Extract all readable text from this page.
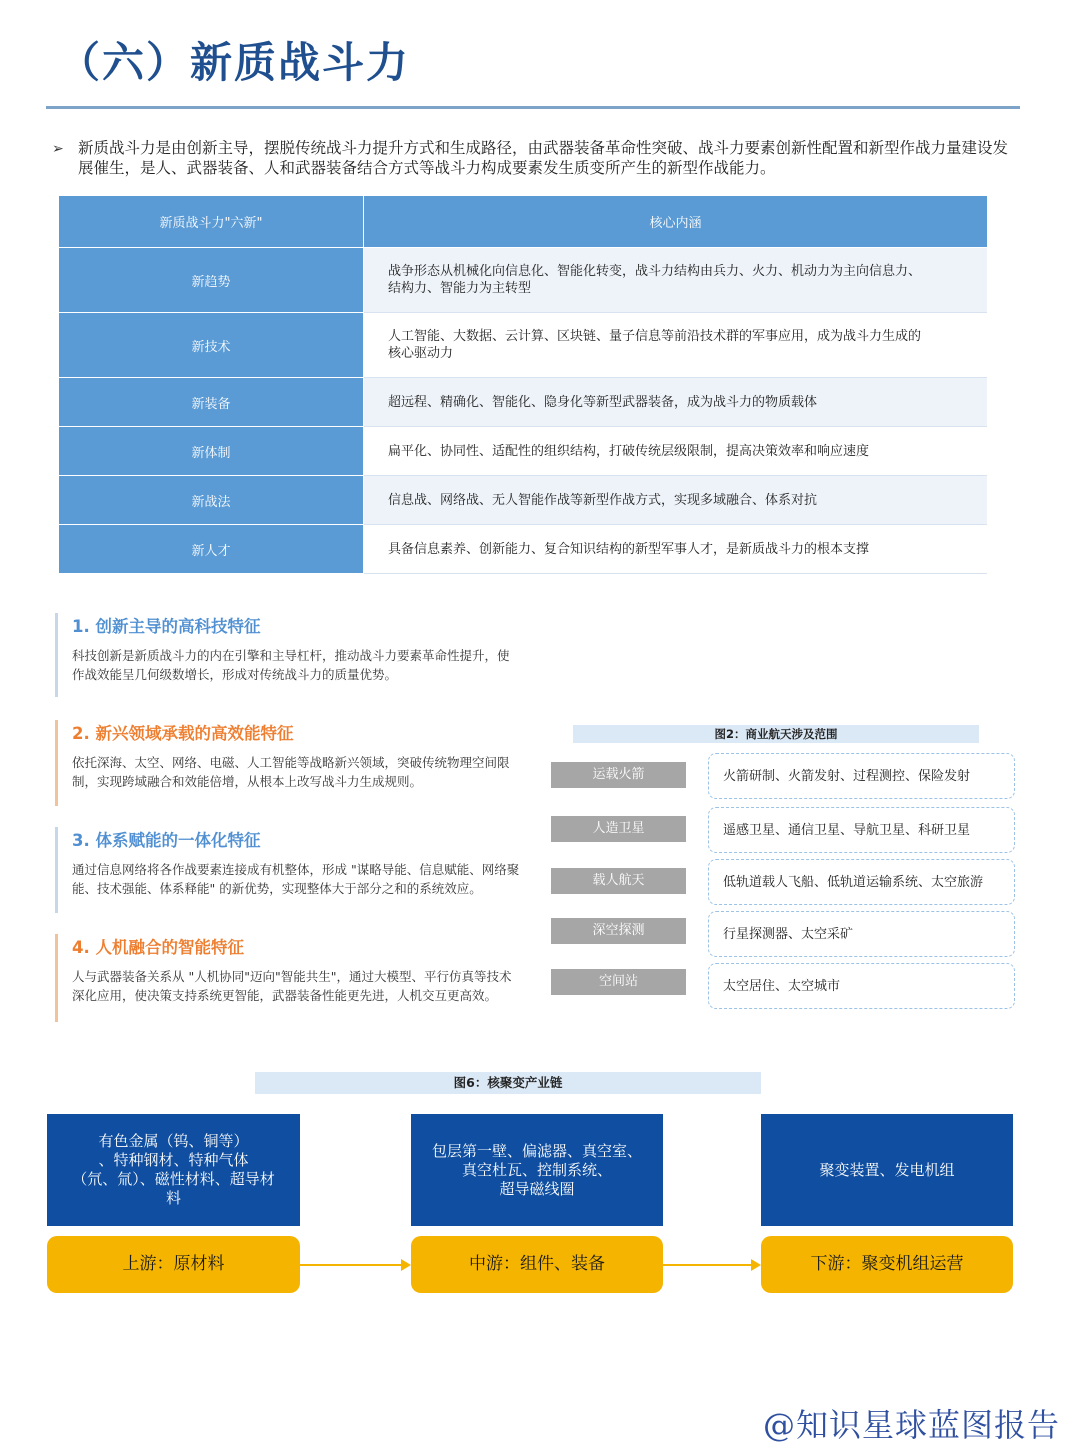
（六）新质战斗力
➢ 新质战斗力是由创新主导，摆脱传统战斗力提升方式和生成路径，由武器装备革命性突破、战斗力要素创新性配置和新型作战力量建设发展催生，是人、武器装备、人和武器装备结合方式等战斗力构成要素发生质变所产生的新型作战能力。
新质战斗力"六新"	核心内涵
新趋势	战争形态从机械化向信息化、智能化转变，战斗力结构由兵力、火力、机动力为主向信息力、
结构力、智能力为主转型

新技术	人工智能、大数据、云计算、区块链、量子信息等前沿技术群的军事应用，成为战斗力生成的
核心驱动力

新装备	超远程、精确化、智能化、隐身化等新型武器装备，成为战斗力的物质载体

新体制	扁平化、协同性、适配性的组织结构，打破传统层级限制，提高决策效率和响应速度

新战法	信息战、网络战、无人智能作战等新型作战方式，实现多域融合、体系对抗

新人才	具备信息素养、创新能力、复合知识结构的新型军事人才，是新质战斗力的根本支撑
1. 创新主导的高科技特征

科技创新是新质战斗力的内在引擎和主导杠杆，推动战斗力要素革命性提升，使作战效能呈几何级数增长，形成对传统战斗力的质量优势。

2. 新兴领域承载的高效能特征

依托深海、太空、网络、电磁、人工智能等战略新兴领域，突破传统物理空间限制，实现跨域融合和效能倍增，从根本上改写战斗力生成规则。

3. 体系赋能的一体化特征

通过信息网络将各作战要素连接成有机整体，形成 "谋略导能、信息赋能、网络聚能、技术强能、体系释能" 的新优势，实现整体大于部分之和的系统效应。

4. 人机融合的智能特征

人与武器装备关系从 "人机协同"迈向"智能共生"，通过大模型、平行仿真等技术深化应用，使决策支持系统更智能，武器装备性能更先进，人机交互更高效。

图2：商业航天涉及范围
运载火箭	火箭研制、火箭发射、过程测控、保险发射
人造卫星	遥感卫星、通信卫星、导航卫星、科研卫星
载人航天	低轨道载人飞船、低轨道运输系统、太空旅游
深空探测	行星探测器、太空采矿
空间站	太空居住、太空城市
图6：核聚变产业链
有色金属（钨、铜等）
、特种钢材、特种气体
（氘、氚）、磁性材料、超导材
料
包层第一壁、偏滤器、真空室、
真空杜瓦、控制系统、
超导磁线圈
聚变装置、发电机组
上游：原材料	中游：组件、装备	下游：聚变机组运营
@知识星球蓝图报告
